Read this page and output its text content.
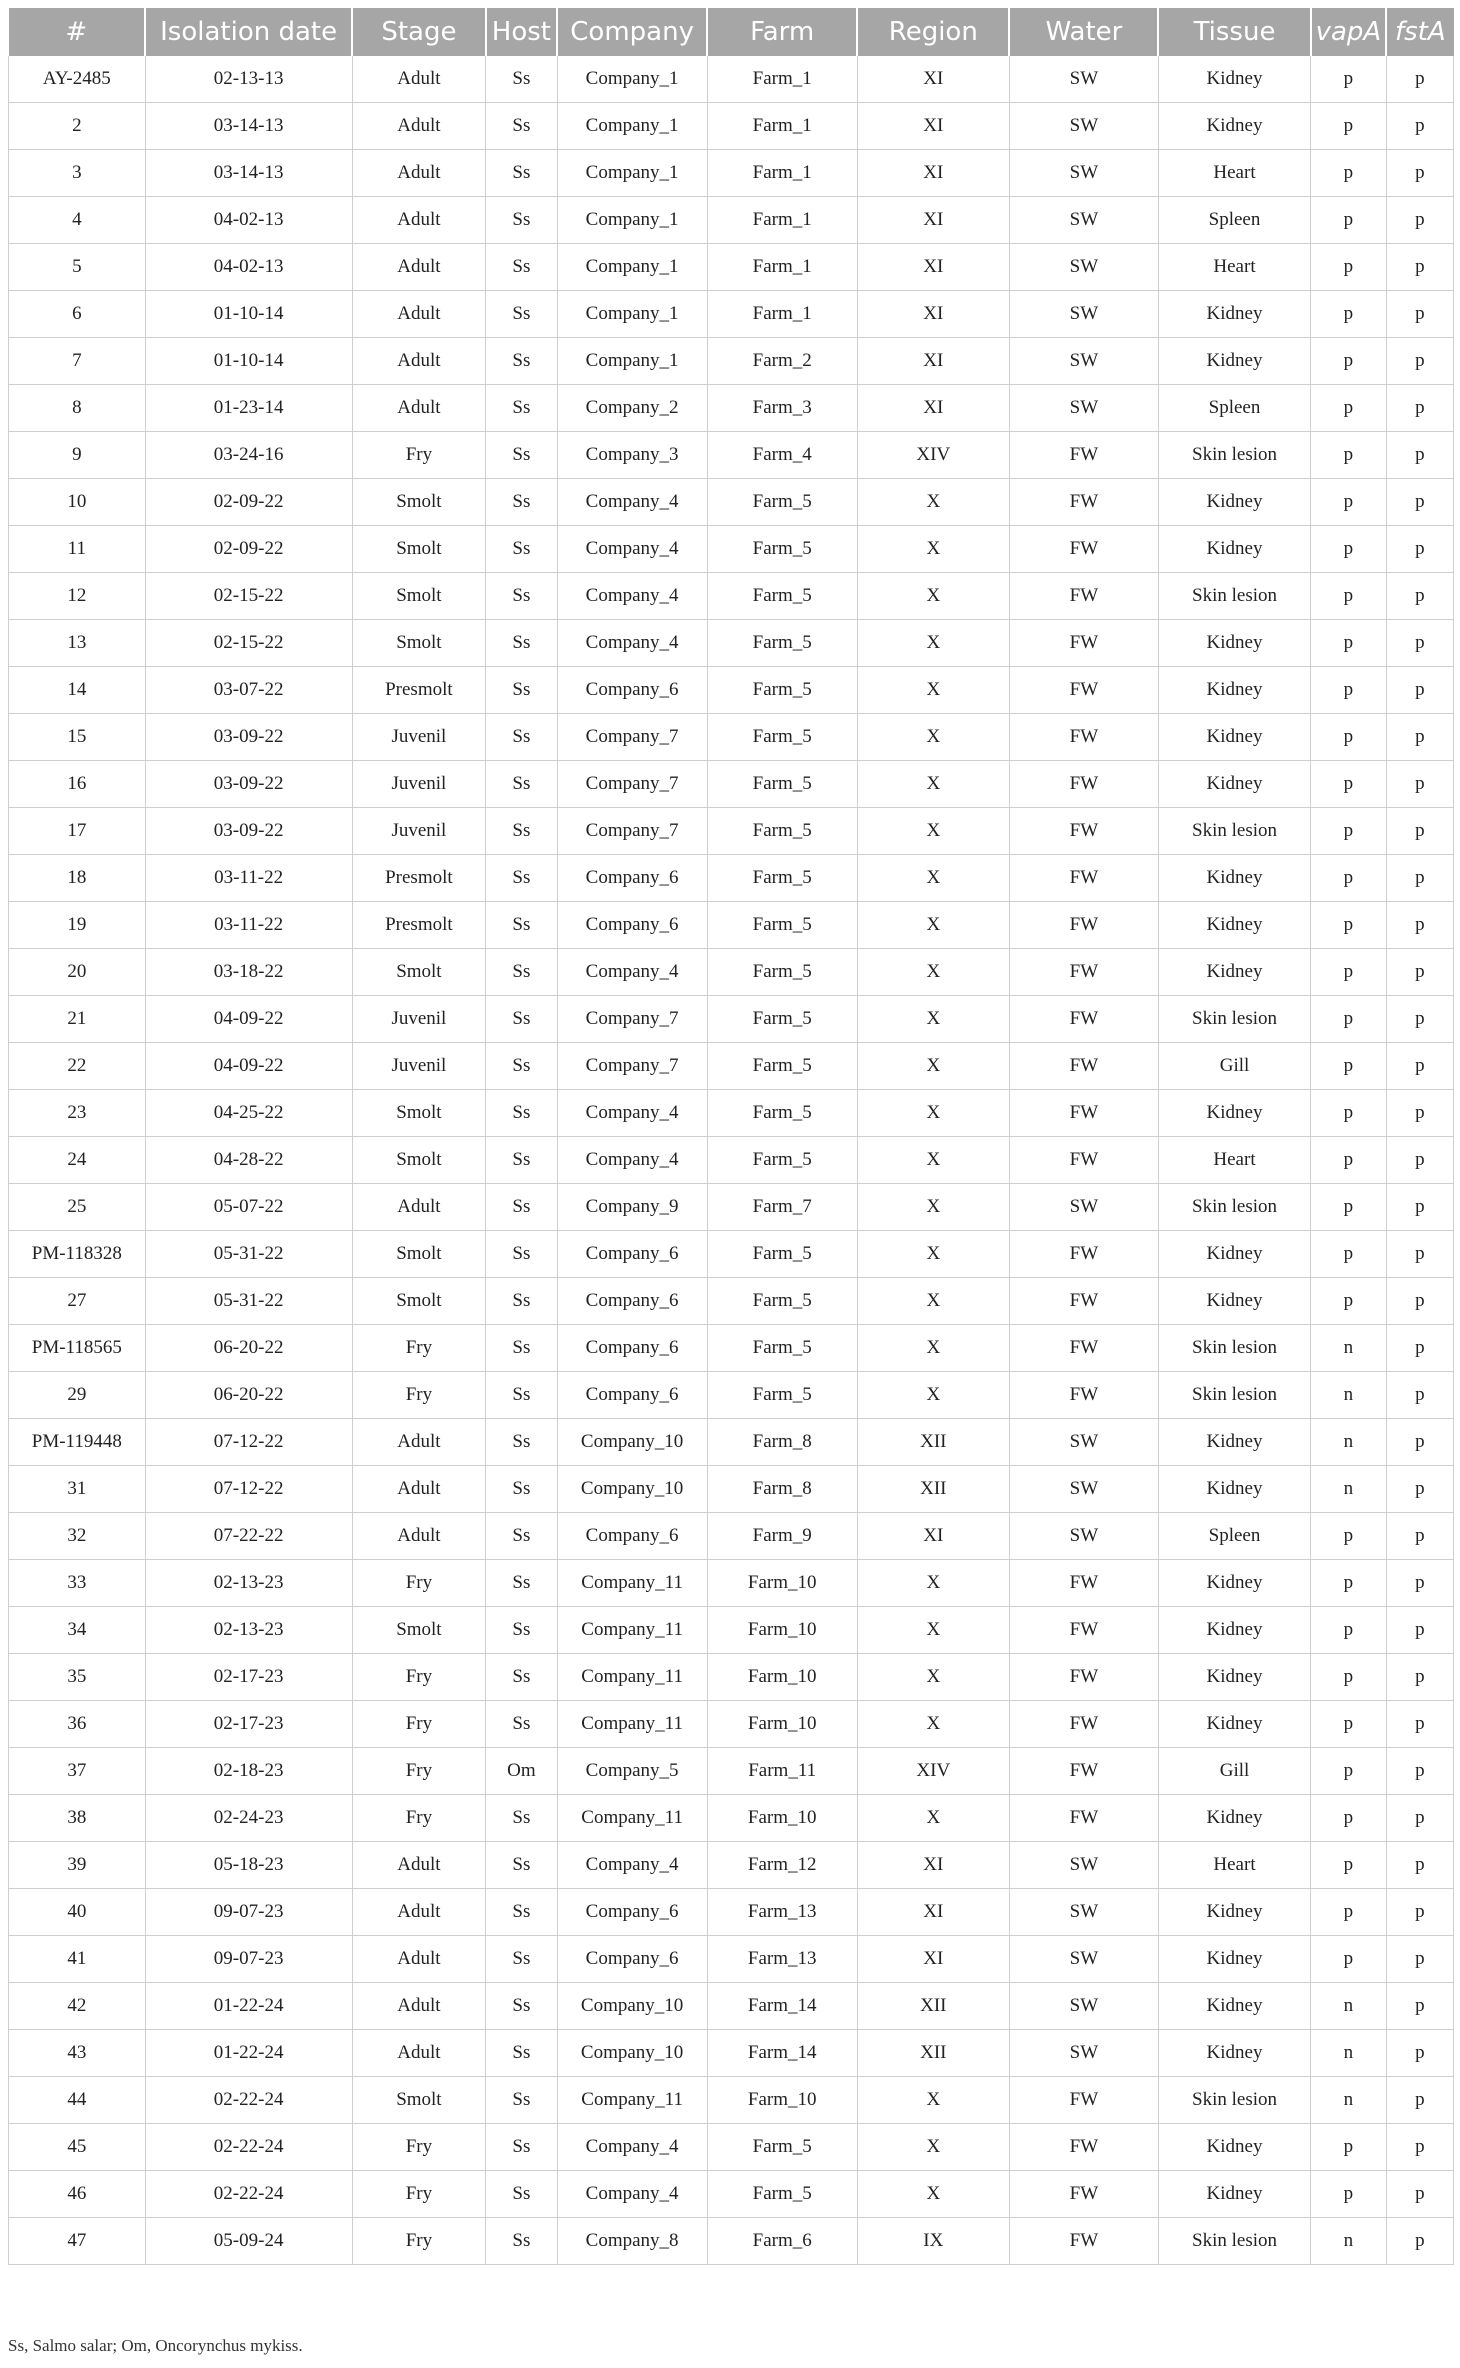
#	Isolation date	Stage	Host	Company	Farm	Region	Water	Tissue	vapA	fstA
AY-2485	02-13-13	Adult	Ss	Company_1	Farm_1	XI	SW	Kidney	p	p
2	03-14-13	Adult	Ss	Company_1	Farm_1	XI	SW	Kidney	p	p
3	03-14-13	Adult	Ss	Company_1	Farm_1	XI	SW	Heart	p	p
4	04-02-13	Adult	Ss	Company_1	Farm_1	XI	SW	Spleen	p	p
5	04-02-13	Adult	Ss	Company_1	Farm_1	XI	SW	Heart	p	p
6	01-10-14	Adult	Ss	Company_1	Farm_1	XI	SW	Kidney	p	p
7	01-10-14	Adult	Ss	Company_1	Farm_2	XI	SW	Kidney	p	p
8	01-23-14	Adult	Ss	Company_2	Farm_3	XI	SW	Spleen	p	p
9	03-24-16	Fry	Ss	Company_3	Farm_4	XIV	FW	Skin lesion	p	p
10	02-09-22	Smolt	Ss	Company_4	Farm_5	X	FW	Kidney	p	p
11	02-09-22	Smolt	Ss	Company_4	Farm_5	X	FW	Kidney	p	p
12	02-15-22	Smolt	Ss	Company_4	Farm_5	X	FW	Skin lesion	p	p
13	02-15-22	Smolt	Ss	Company_4	Farm_5	X	FW	Kidney	p	p
14	03-07-22	Presmolt	Ss	Company_6	Farm_5	X	FW	Kidney	p	p
15	03-09-22	Juvenil	Ss	Company_7	Farm_5	X	FW	Kidney	p	p
16	03-09-22	Juvenil	Ss	Company_7	Farm_5	X	FW	Kidney	p	p
17	03-09-22	Juvenil	Ss	Company_7	Farm_5	X	FW	Skin lesion	p	p
18	03-11-22	Presmolt	Ss	Company_6	Farm_5	X	FW	Kidney	p	p
19	03-11-22	Presmolt	Ss	Company_6	Farm_5	X	FW	Kidney	p	p
20	03-18-22	Smolt	Ss	Company_4	Farm_5	X	FW	Kidney	p	p
21	04-09-22	Juvenil	Ss	Company_7	Farm_5	X	FW	Skin lesion	p	p
22	04-09-22	Juvenil	Ss	Company_7	Farm_5	X	FW	Gill	p	p
23	04-25-22	Smolt	Ss	Company_4	Farm_5	X	FW	Kidney	p	p
24	04-28-22	Smolt	Ss	Company_4	Farm_5	X	FW	Heart	p	p
25	05-07-22	Adult	Ss	Company_9	Farm_7	X	SW	Skin lesion	p	p
PM-118328	05-31-22	Smolt	Ss	Company_6	Farm_5	X	FW	Kidney	p	p
27	05-31-22	Smolt	Ss	Company_6	Farm_5	X	FW	Kidney	p	p
PM-118565	06-20-22	Fry	Ss	Company_6	Farm_5	X	FW	Skin lesion	n	p
29	06-20-22	Fry	Ss	Company_6	Farm_5	X	FW	Skin lesion	n	p
PM-119448	07-12-22	Adult	Ss	Company_10	Farm_8	XII	SW	Kidney	n	p
31	07-12-22	Adult	Ss	Company_10	Farm_8	XII	SW	Kidney	n	p
32	07-22-22	Adult	Ss	Company_6	Farm_9	XI	SW	Spleen	p	p
33	02-13-23	Fry	Ss	Company_11	Farm_10	X	FW	Kidney	p	p
34	02-13-23	Smolt	Ss	Company_11	Farm_10	X	FW	Kidney	p	p
35	02-17-23	Fry	Ss	Company_11	Farm_10	X	FW	Kidney	p	p
36	02-17-23	Fry	Ss	Company_11	Farm_10	X	FW	Kidney	p	p
37	02-18-23	Fry	Om	Company_5	Farm_11	XIV	FW	Gill	p	p
38	02-24-23	Fry	Ss	Company_11	Farm_10	X	FW	Kidney	p	p
39	05-18-23	Adult	Ss	Company_4	Farm_12	XI	SW	Heart	p	p
40	09-07-23	Adult	Ss	Company_6	Farm_13	XI	SW	Kidney	p	p
41	09-07-23	Adult	Ss	Company_6	Farm_13	XI	SW	Kidney	p	p
42	01-22-24	Adult	Ss	Company_10	Farm_14	XII	SW	Kidney	n	p
43	01-22-24	Adult	Ss	Company_10	Farm_14	XII	SW	Kidney	n	p
44	02-22-24	Smolt	Ss	Company_11	Farm_10	X	FW	Skin lesion	n	p
45	02-22-24	Fry	Ss	Company_4	Farm_5	X	FW	Kidney	p	p
46	02-22-24	Fry	Ss	Company_4	Farm_5	X	FW	Kidney	p	p
47	05-09-24	Fry	Ss	Company_8	Farm_6	IX	FW	Skin lesion	n	p
Ss, Salmo salar; Om, Oncorynchus mykiss.
